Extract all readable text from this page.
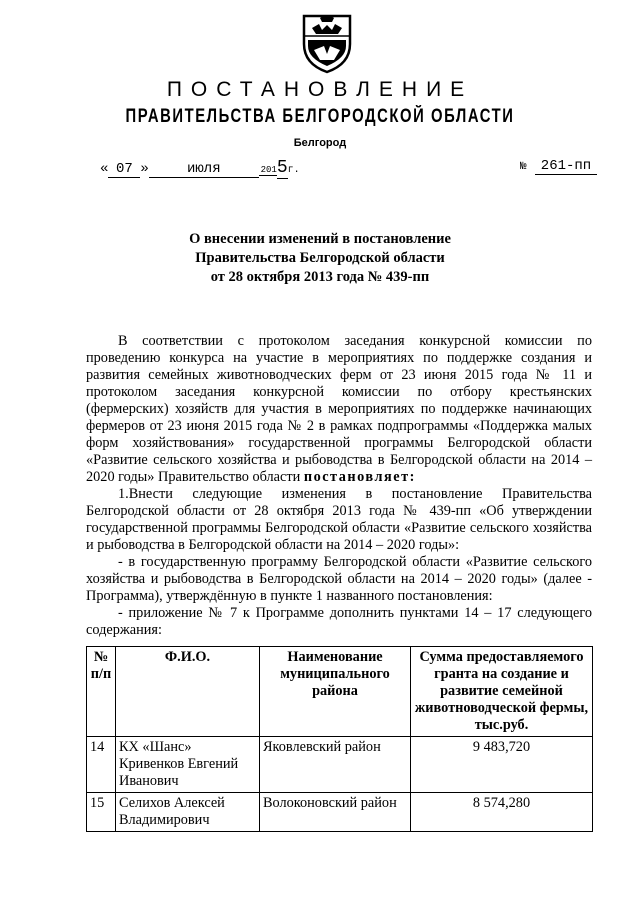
ПОСТАНОВЛЕНИЕ
ПРАВИТЕЛЬСТВА БЕЛГОРОДСКОЙ ОБЛАСТИ
Белгород
« 07 »	июля	2015г.	№ 261-пп
О внесении изменений в постановление
Правительства Белгородской области
от 28 октября 2013 года № 439-пп

В соответствии с протоколом заседания конкурсной комиссии по проведению конкурса на участие в мероприятиях по поддержке создания и развития семейных животноводческих ферм от 23 июня 2015 года № 11 и протоколом заседания конкурсной комиссии по отбору крестьянских (фермерских) хозяйств для участия в мероприятиях по поддержке начинающих фермеров от 23 июня 2015 года № 2 в рамках подпрограммы «Поддержка малых форм хозяйствования» государственной программы Белгородской области «Развитие сельского хозяйства и рыбоводства в Белгородской области на 2014 – 2020 годы» Правительство области постановляет:

1.Внести следующие изменения в постановление Правительства Белгородской области от 28 октября 2013 года № 439-пп «Об утверждении государственной программы Белгородской области «Развитие сельского хозяйства и рыбоводства в Белгородской области на 2014 – 2020 годы»:

- в государственную программу Белгородской области «Развитие сельского хозяйства и рыбоводства в Белгородской области на 2014 – 2020 годы» (далее - Программа), утверждённую в пункте 1 названного постановления:

- приложение № 7 к Программе дополнить пунктами 14 – 17 следующего содержания:

№ п/п	Ф.И.О.	Наименование муниципального района	Сумма предоставляемого гранта на создание и развитие семейной животноводческой фермы, тыс.руб.
14	КХ «Шанс» Кривенков Евгений Иванович	Яковлевский район	9 483,720
15	Селихов Алексей Владимирович	Волоконовский район	8 574,280
